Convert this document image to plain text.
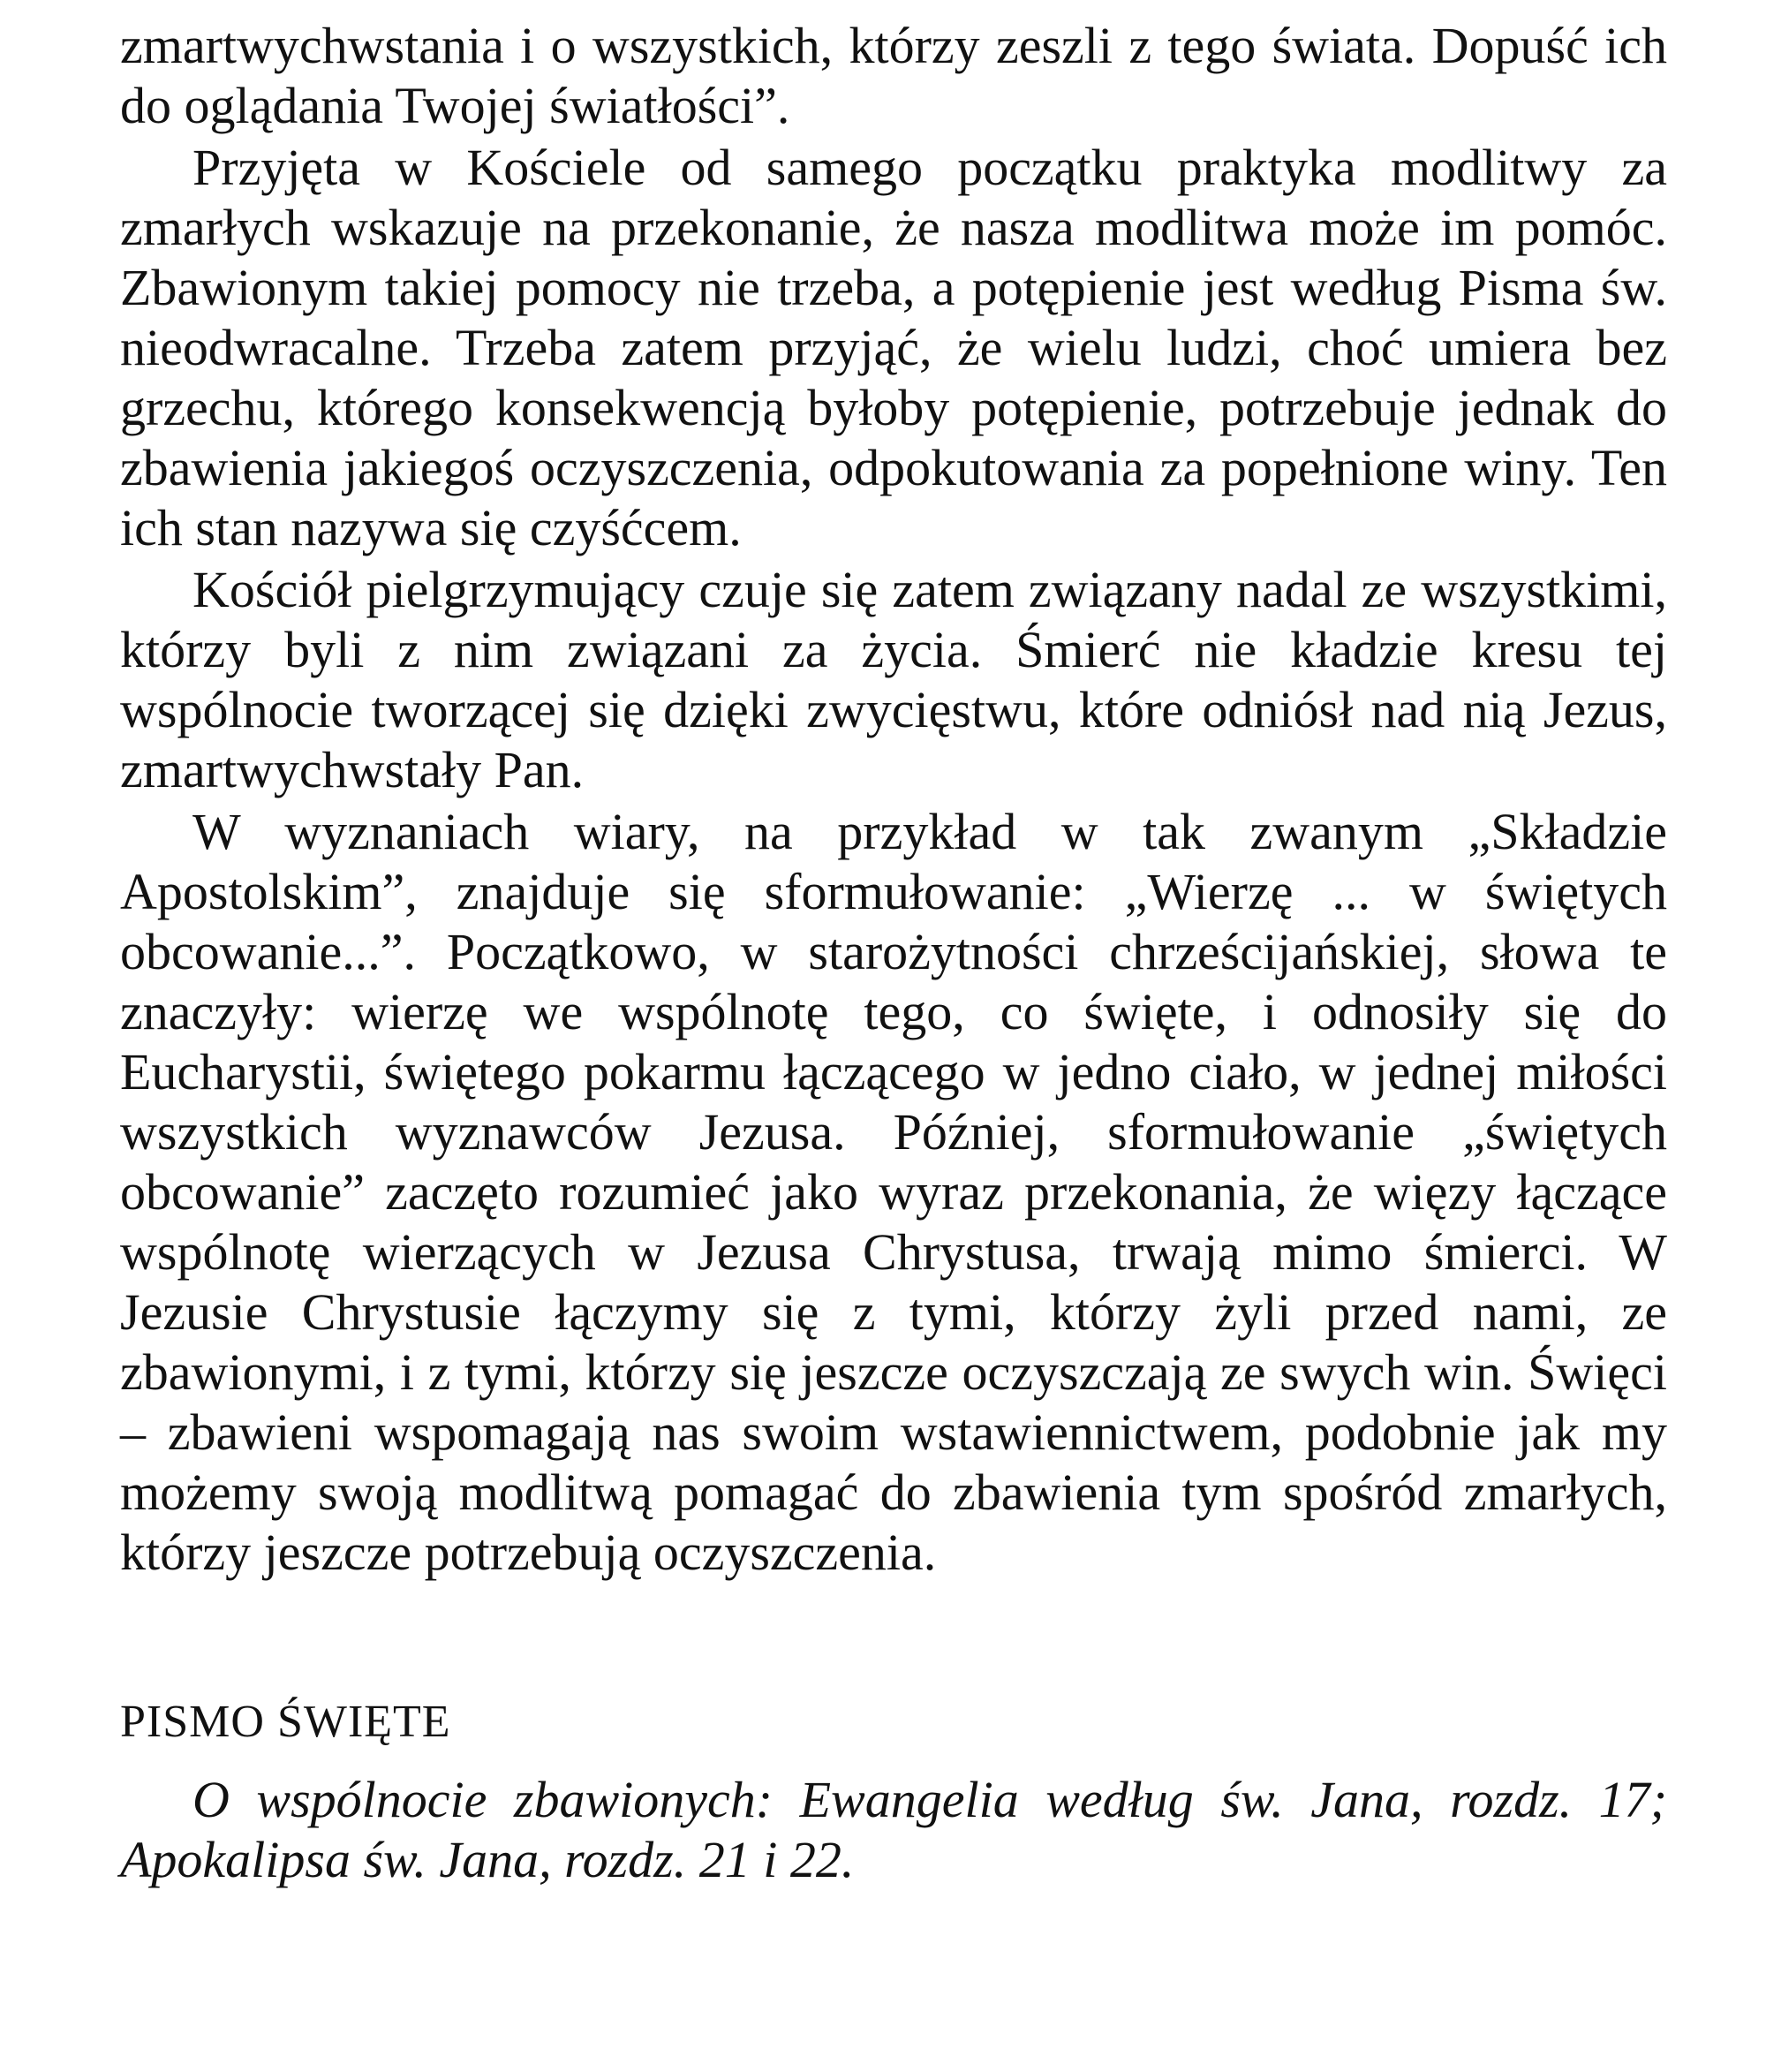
zmartwychwstania i o wszystkich, którzy zeszli z tego świata. Dopuść ich do oglądania Twojej światłości”.

Przyjęta w Kościele od samego początku praktyka modlitwy za zmarłych wskazuje na przekonanie, że nasza modlitwa może im pomóc. Zbawionym takiej pomocy nie trzeba, a potępienie jest według Pisma św. nieodwracalne. Trzeba zatem przyjąć, że wielu ludzi, choć umiera bez grzechu, którego konsekwencją byłoby potępienie, potrzebuje jednak do zbawienia jakiegoś oczyszczenia, odpokutowania za popełnione winy. Ten ich stan nazywa się czyśćcem.

Kościół pielgrzymujący czuje się zatem związany nadal ze wszystkimi, którzy byli z nim związani za życia. Śmierć nie kładzie kresu tej wspólnocie tworzącej się dzięki zwycięstwu, które odniósł nad nią Jezus, zmartwychwstały Pan.

W wyznaniach wiary, na przykład w tak zwanym „Składzie Apostolskim”, znajduje się sformułowanie: „Wierzę ... w świętych obcowanie...”. Początkowo, w starożytności chrześcijańskiej, słowa te znaczyły: wierzę we wspólnotę tego, co święte, i odnosiły się do Eucharystii, świętego pokarmu łączącego w jedno ciało, w jednej miłości wszystkich wyznawców Jezusa. Później, sformułowanie „świętych obcowanie” zaczęto rozumieć jako wyraz przekonania, że więzy łączące wspólnotę wierzących w Jezusa Chrystusa, trwają mimo śmierci. W Jezusie Chrystusie łączymy się z tymi, którzy żyli przed nami, ze zbawionymi, i z tymi, którzy się jeszcze oczyszczają ze swych win. Święci – zbawieni wspomagają nas swoim wstawiennictwem, podobnie jak my możemy swoją modlitwą pomagać do zbawienia tym spośród zmarłych, którzy jeszcze potrzebują oczyszczenia.

PISMO ŚWIĘTE

O wspólnocie zbawionych: Ewangelia według św. Jana, rozdz. 17; Apokalipsa św. Jana, rozdz. 21 i 22.
